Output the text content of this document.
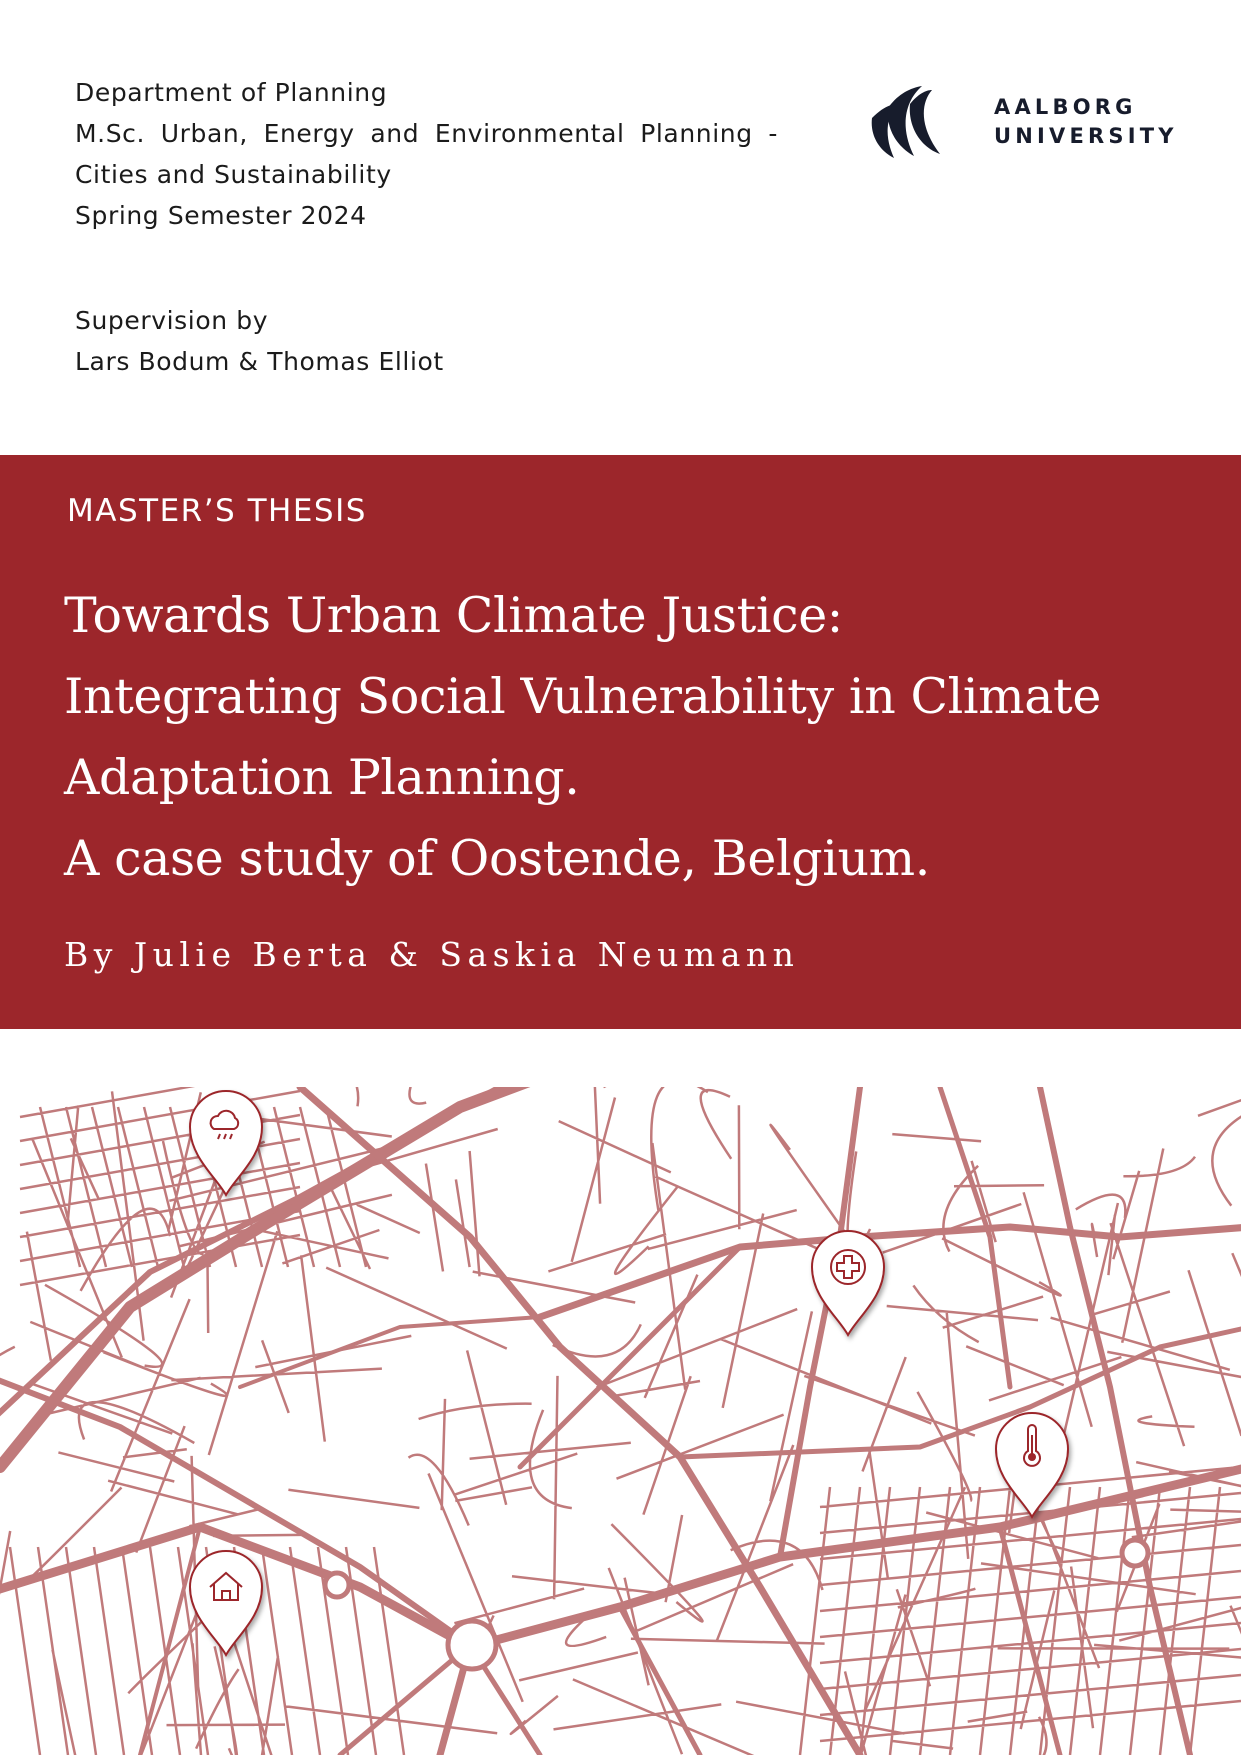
Department of Planning
M.Sc. Urban, Energy and Environmental Planning -
Cities and Sustainability
Spring Semester 2024
Supervision by
Lars Bodum & Thomas Elliot
AALBORG
UNIVERSITY
MASTER’S THESIS
Towards Urban Climate Justice:
Integrating Social Vulnerability in Climate
Adaptation Planning.
A case study of Oostende, Belgium.
By Julie Berta & Saskia Neumann
